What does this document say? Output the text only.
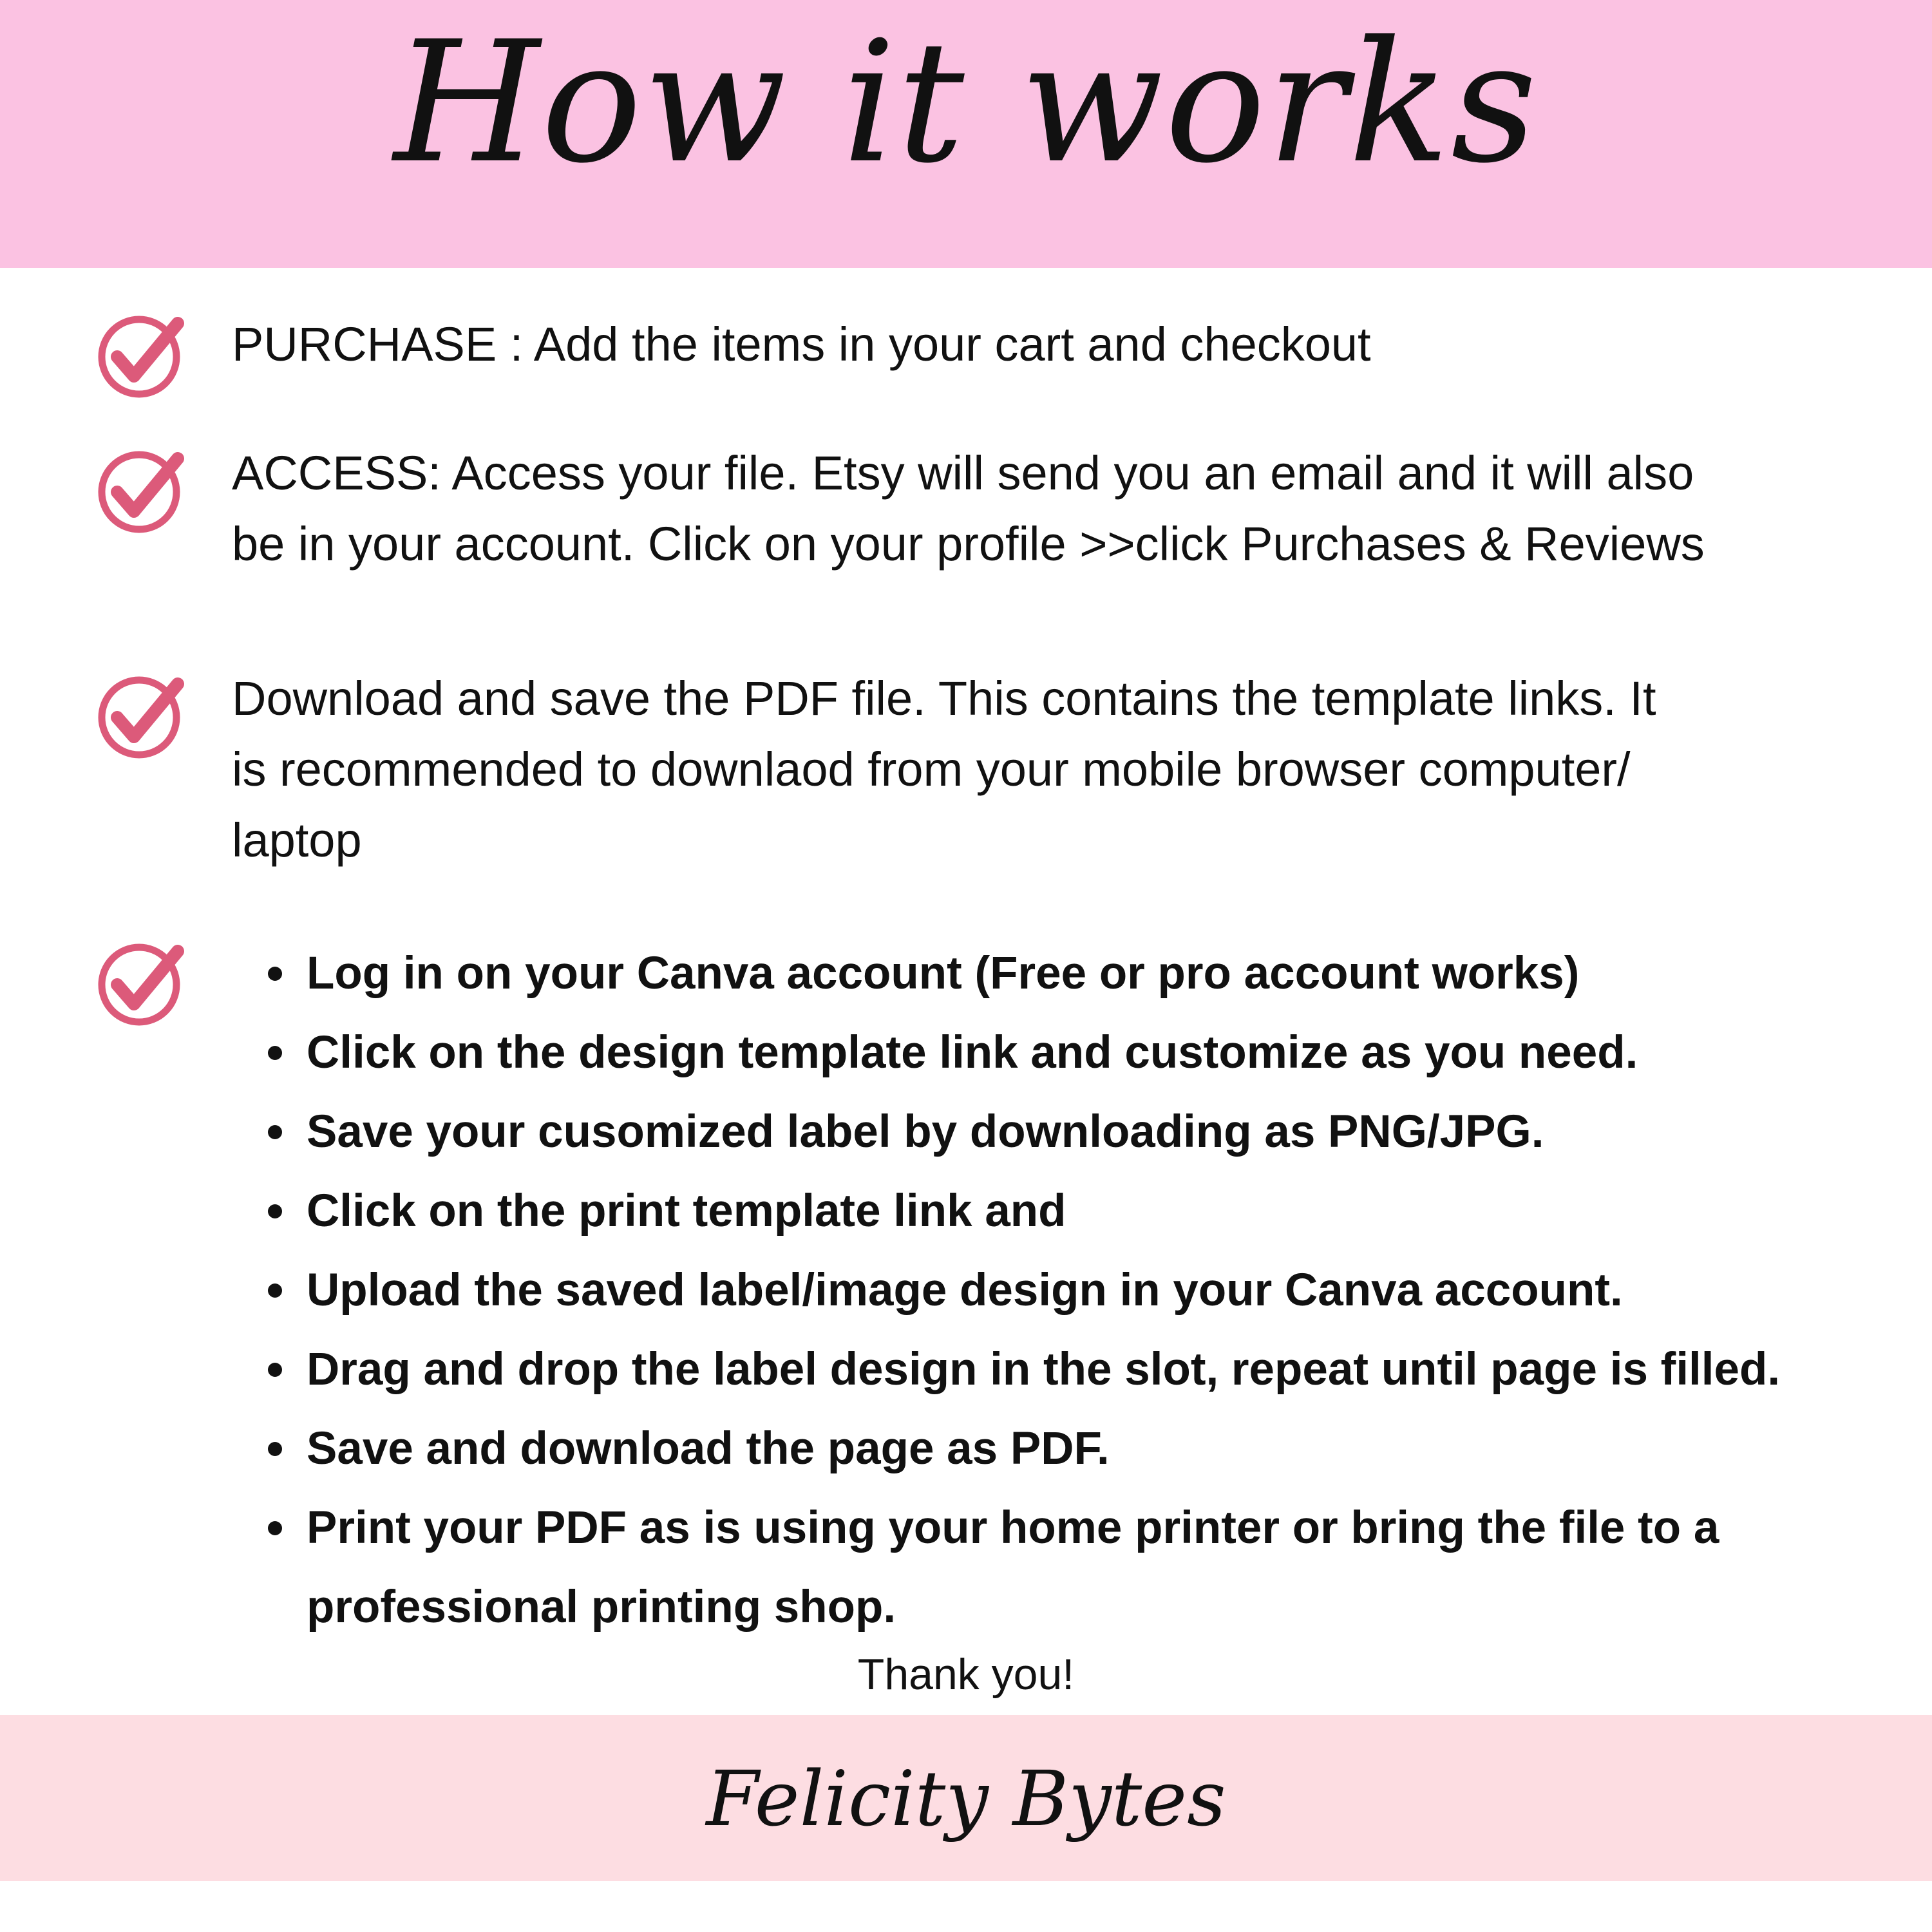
How it works
PURCHASE : Add the items in your cart and checkout
ACCESS: Access your file. Etsy will send you an email and it will also
be in your account. Click on your profile >>click Purchases & Reviews
Download and save the PDF file. This contains the template links. It
is recommended to downlaod from your mobile browser computer/
laptop
Log in on your Canva account (Free or pro account works)
Click on the design template link and customize as you need.
Save your cusomized label by downloading as PNG/JPG.
Click on the print template link and
Upload the saved label/image design in your Canva account.
Drag and drop the label design in the slot, repeat until page is filled.
Save and download the page as PDF.
Print your PDF as is using your home printer or bring the file to a
professional printing shop.
Thank you!
Felicity Bytes
